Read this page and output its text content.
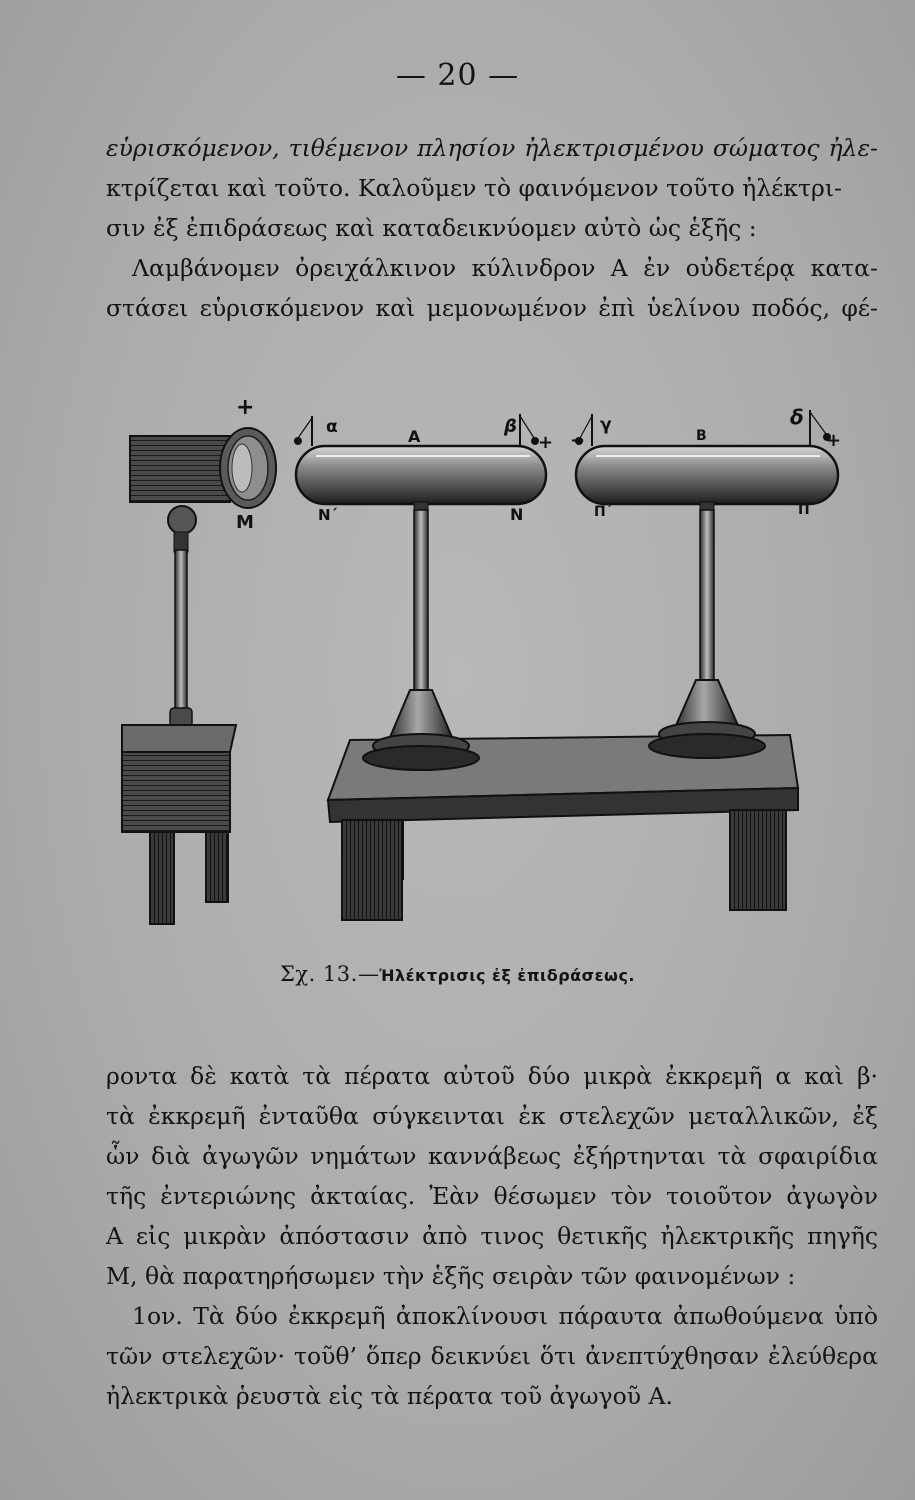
— 20 —
εὑρισκόμενον, τιθέμενον πλησίον ἠλεκτρισμένου σώματος ἠλε-
κτρίζεται καὶ τοῦτο. Καλοῦμεν τὸ φαινόμενον τοῦτο ἠλέκτρι-
σιν ἐξ ἐπιδράσεως καὶ καταδεικνύομεν αὐτὸ ὡς ἑξῆς :
Λαμβάνομεν ὀρειχάλκινον κύλινδρον Α ἐν οὐδετέρᾳ κατα-
στάσει εὑρισκόμενον καὶ μεμονωμένον ἐπὶ ὑελίνου ποδός, φέ-
+
Μ
α	Α	β
+ −
γ
Β
δ
+
Ν΄	Ν	Π΄	Π
Σχ. 13.—Ἠλέκτρισις ἐξ ἐπιδράσεως.
ροντα δὲ κατὰ τὰ πέρατα αὐτοῦ δύο μικρὰ ἐκκρεμῆ α καὶ β·
τὰ ἐκκρεμῆ ἐνταῦθα σύγκεινται ἐκ στελεχῶν μεταλλικῶν, ἐξ
ὧν διὰ ἀγωγῶν νημάτων καννάβεως ἐξήρτηνται τὰ σφαιρίδια
τῆς ἐντεριώνης ἀκταίας. Ἐὰν θέσωμεν τὸν τοιοῦτον ἀγωγὸν
Α εἰς μικρὰν ἀπόστασιν ἀπὸ τινος θετικῆς ἠλεκτρικῆς πηγῆς
Μ, θὰ παρατηρήσωμεν τὴν ἑξῆς σειρὰν τῶν φαινομένων :
1ον. Τὰ δύο ἐκκρεμῆ ἀποκλίνουσι πάραυτα ἀπωθούμενα ὑπὸ
τῶν στελεχῶν· τοῦθ’ ὅπερ δεικνύει ὅτι ἀνεπτύχθησαν ἐλεύθερα
ἠλεκτρικὰ ῥευστὰ εἰς τὰ πέρατα τοῦ ἀγωγοῦ Α.
